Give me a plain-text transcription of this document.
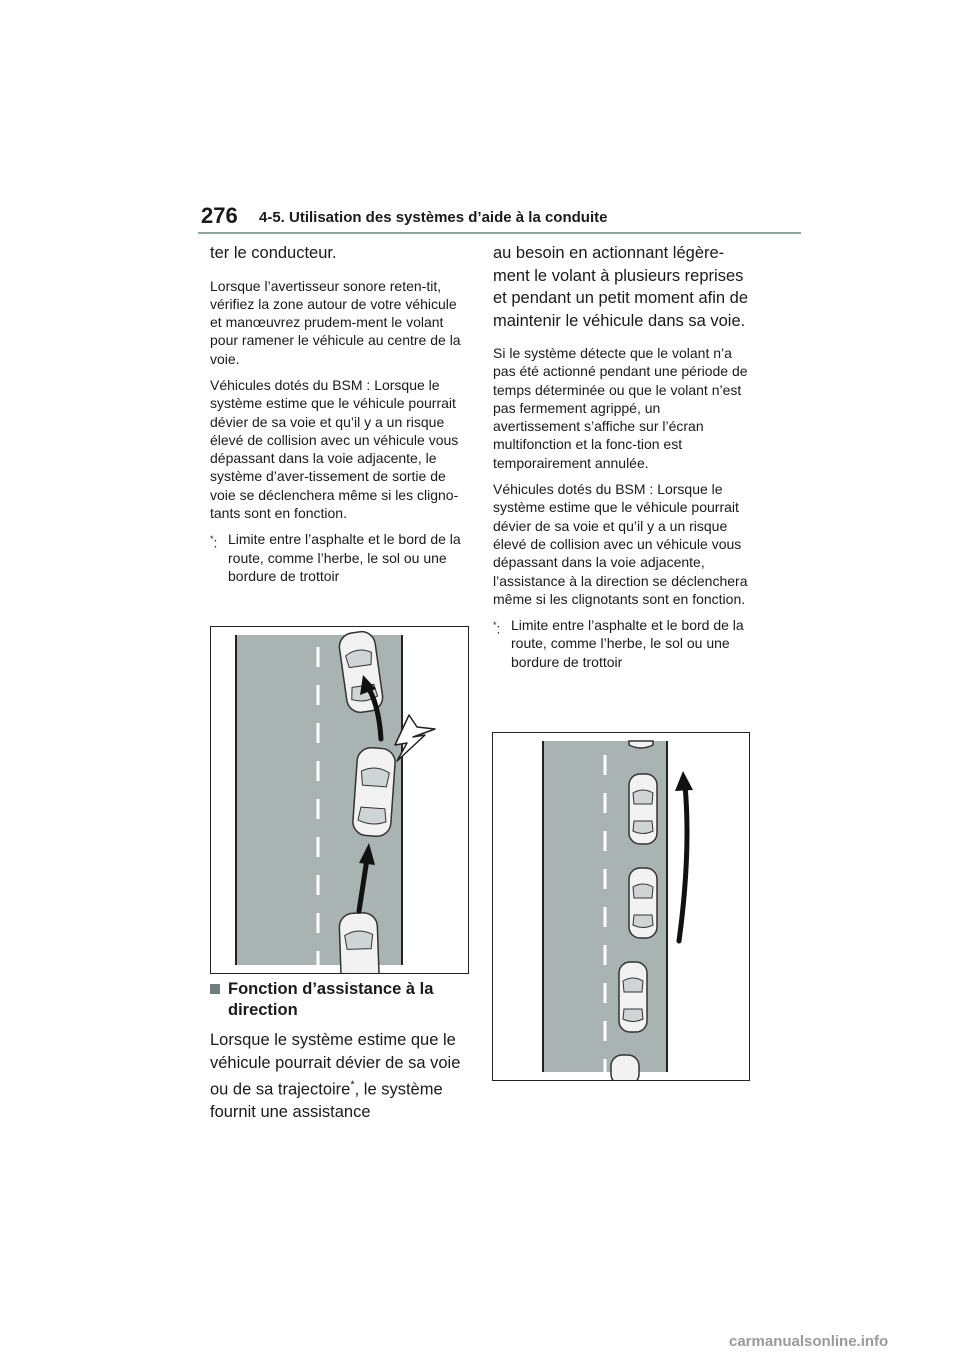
276 4-5. Utilisation des systèmes d’aide à la conduite

ter le conducteur.

Lorsque l’avertisseur sonore reten-tit, vérifiez la zone autour de votre véhicule et manœuvrez prudem-ment le volant pour ramener le véhicule au centre de la voie.

Véhicules dotés du BSM : Lorsque le système estime que le véhicule pourrait dévier de sa voie et qu’il y a un risque élevé de collision avec un véhicule vous dépassant dans la voie adjacente, le système d’aver-tissement de sortie de voie se déclenchera même si les cligno-tants sont en fonction.

*: Limite entre l’asphalte et le bord de la route, comme l’herbe, le sol ou une bordure de trottoir

Fonction d’assistance à la direction

Lorsque le système estime que le véhicule pourrait dévier de sa voie ou de sa trajectoire*, le système fournit une assistance

au besoin en actionnant légère-ment le volant à plusieurs reprises et pendant un petit moment afin de maintenir le véhicule dans sa voie.

Si le système détecte que le volant n’a pas été actionné pendant une période de temps déterminée ou que le volant n’est pas fermement agrippé, un avertissement s’affiche sur l’écran multifonction et la fonc-tion est temporairement annulée.

Véhicules dotés du BSM : Lorsque le système estime que le véhicule pourrait dévier de sa voie et qu’il y a un risque élevé de collision avec un véhicule vous dépassant dans la voie adjacente, l’assistance à la direction se déclenchera même si les clignotants sont en fonction.

*: Limite entre l’asphalte et le bord de la route, comme l’herbe, le sol ou une bordure de trottoir
carmanualsonline.info
